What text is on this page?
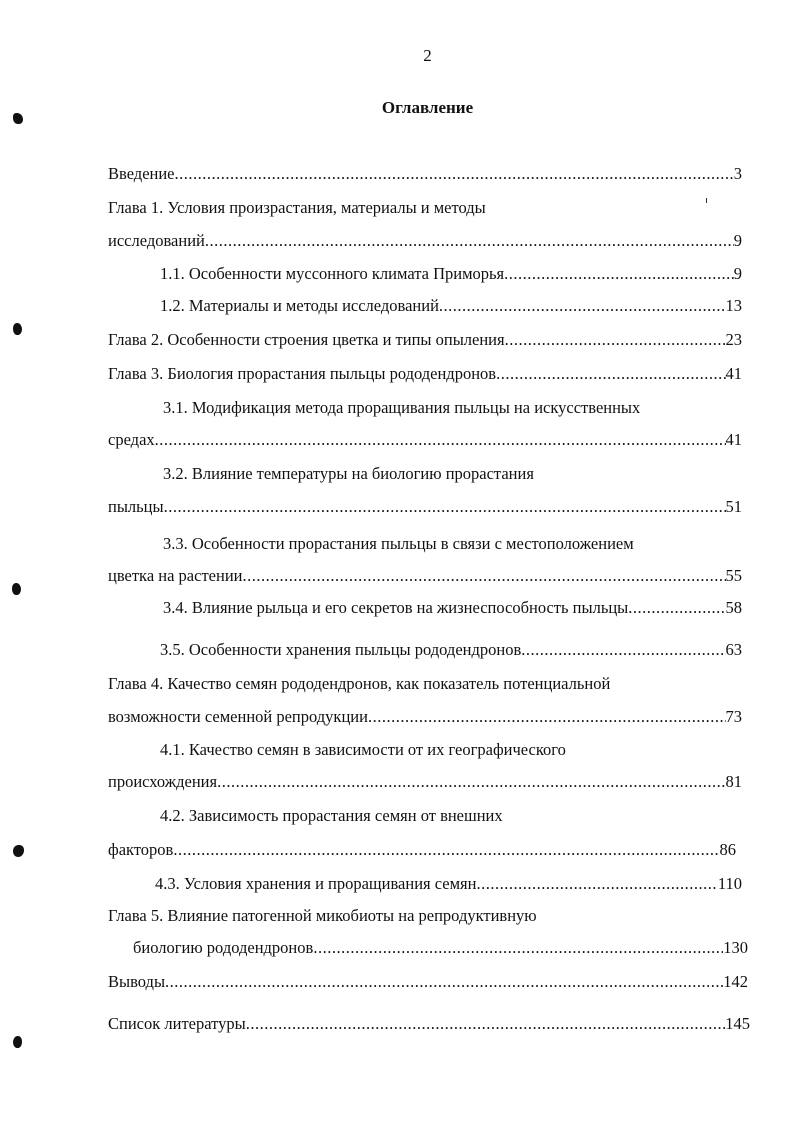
2
Оглавление
Введение .....	3
Глава 1. Условия произрастания, материалы и методы
исследований .....	9
1.1. Особенности муссонного климата Приморья .....	9
1.2. Материалы и методы исследований .....	13
Глава 2. Особенности строения цветка и типы опыления .....	23
Глава 3. Биология прорастания пыльцы рододендронов .....	41
3.1. Модификация метода проращивания пыльцы на искусственных
средах .....	41
3.2. Влияние температуры на биологию прорастания
пыльцы .....	51
3.3. Особенности прорастания пыльцы в связи с местоположением
цветка на растении .....	55
3.4. Влияние рыльца и его секретов на жизнеспособность пыльцы .....	58
3.5. Особенности хранения пыльцы рододендронов .....	63
Глава 4. Качество семян рододендронов, как показатель потенциальной
возможности семенной репродукции .....	73
4.1. Качество семян в зависимости от их географического
происхождения .....	81
4.2. Зависимость прорастания семян от внешних
факторов .....	86
4.3. Условия хранения и проращивания семян .....	110
Глава 5. Влияние патогенной микобиоты на репродуктивную
биологию рододендронов .....	130
Выводы .....	142
Список литературы .....	145
